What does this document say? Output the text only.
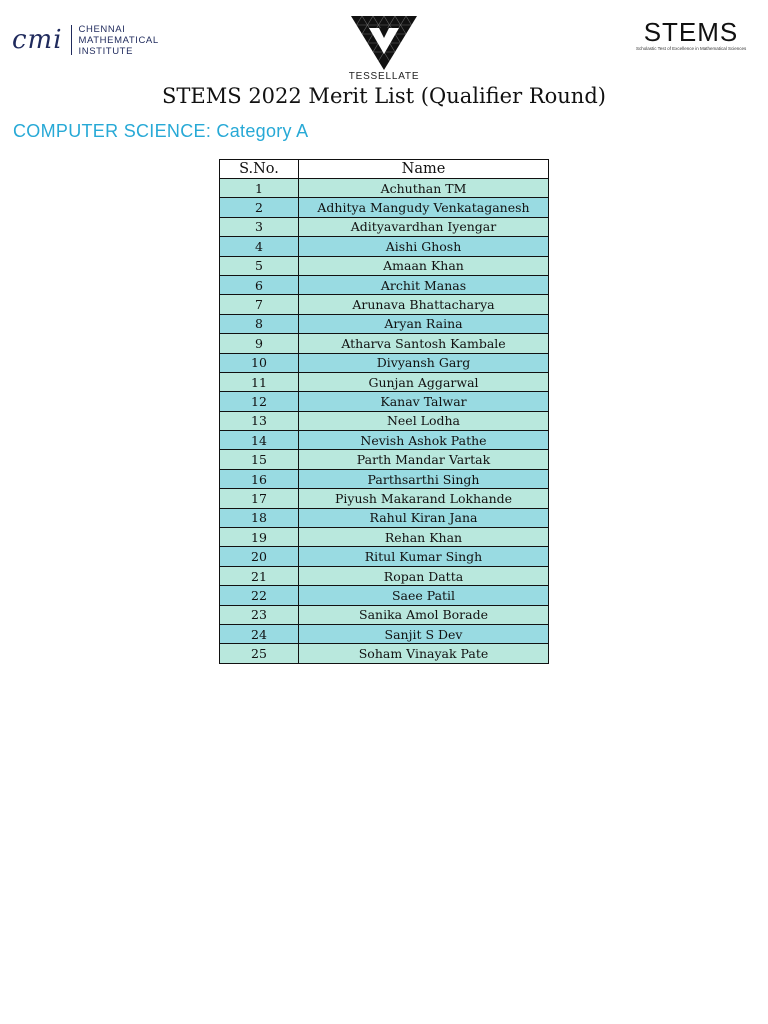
cmi CHENNAI
MATHEMATICAL
INSTITUTE
TESSELLATE
STEMS
Scholastic Test of Excellence in Mathematical Sciences
STEMS 2022 Merit List (Qualifier Round)
COMPUTER SCIENCE: Category A
S.No.	Name
1	Achuthan TM
2	Adhitya Mangudy Venkataganesh
3	Adityavardhan Iyengar
4	Aishi Ghosh
5	Amaan Khan
6	Archit Manas
7	Arunava Bhattacharya
8	Aryan Raina
9	Atharva Santosh Kambale
10	Divyansh Garg
11	Gunjan Aggarwal
12	Kanav Talwar
13	Neel Lodha
14	Nevish Ashok Pathe
15	Parth Mandar Vartak
16	Parthsarthi Singh
17	Piyush Makarand Lokhande
18	Rahul Kiran Jana
19	Rehan Khan
20	Ritul Kumar Singh
21	Ropan Datta
22	Saee Patil
23	Sanika Amol Borade
24	Sanjit S Dev
25	Soham Vinayak Pate
